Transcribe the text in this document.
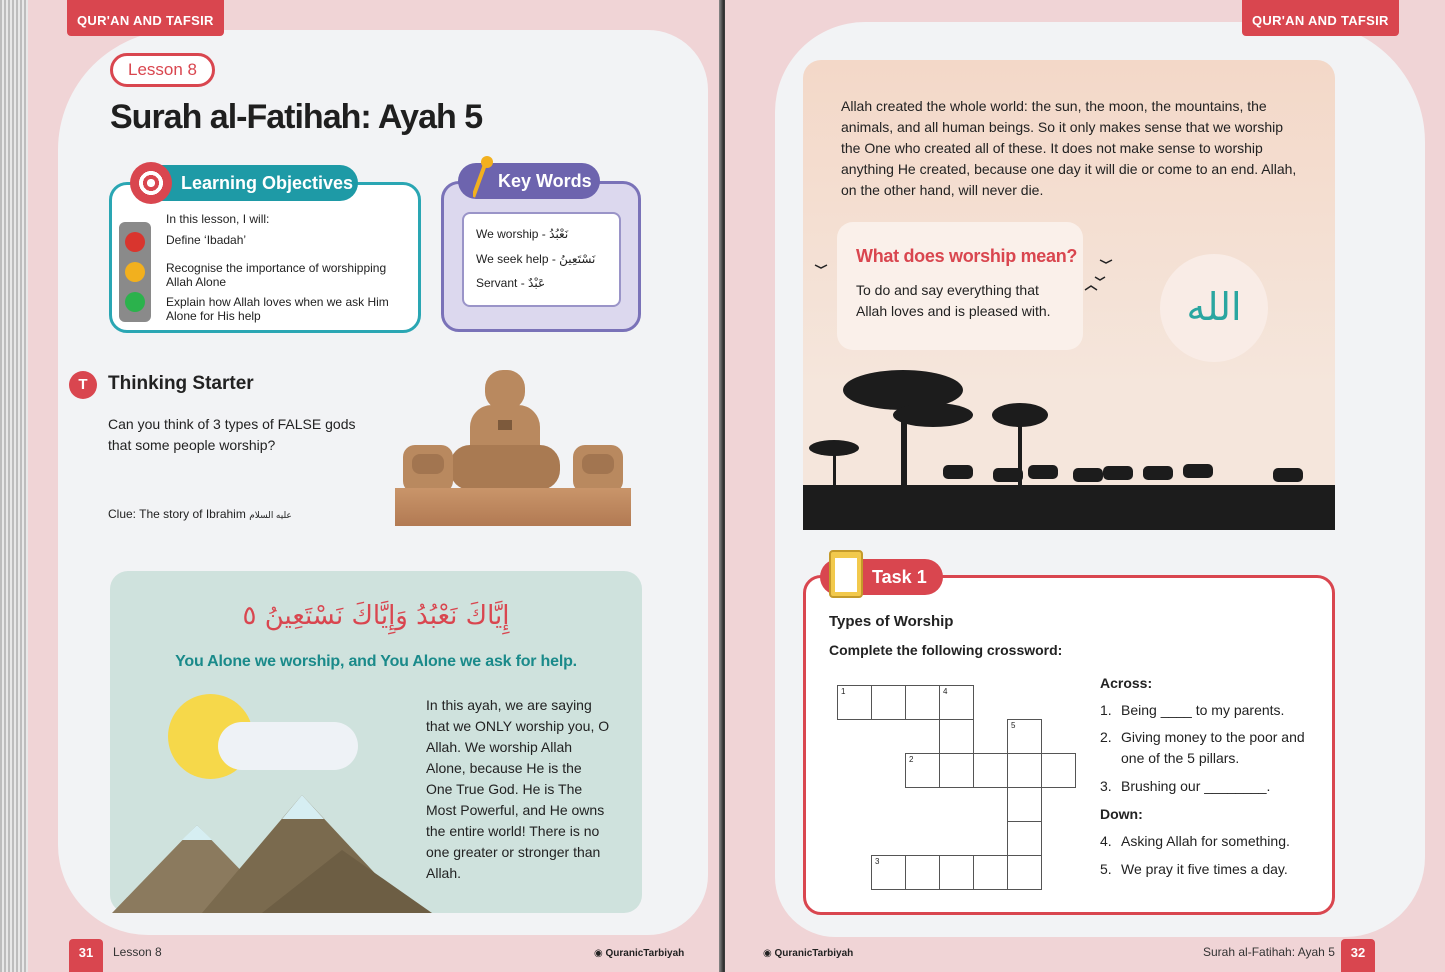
QUR'AN AND TAFSIR
Lesson 8
Surah al-Fatihah: Ayah 5
Learning Objectives
In this lesson, I will:
Define ‘Ibadah’
Recognise the importance of worshipping Allah Alone
Explain how Allah loves when we ask Him Alone for His help
Key Words
We worship - نَعْبُدُ
We seek help - نَسْتَعِينُ
Servant - عَبْدٌ
T	Thinking Starter
Can you think of 3 types of FALSE gods that some people worship?
Clue: The story of Ibrahim عليه السلام
إِيَّاكَ نَعْبُدُ وَإِيَّاكَ نَسْتَعِينُ ٥
You Alone we worship, and You Alone we ask for help.
In this ayah, we are saying that we ONLY worship you, O Allah. We worship Allah Alone, because He is the One True God. He is The Most Powerful, and He owns the entire world! There is no one greater or stronger than Allah.
31	Lesson 8	◉ QuranicTarbiyah
QUR'AN AND TAFSIR
Allah created the whole world: the sun, the moon, the mountains, the animals, and all human beings. So it only makes sense that we worship the One who created all of these. It does not make sense to worship anything He created, because one day it will die or come to an end. Allah, on the other hand, will never die.
What does worship mean?
To do and say everything that Allah loves and is pleased with.	الله
Task 1
Types of Worship
Complete the following crossword:
1	4
5
2
3
Across:
1. Being ____ to my parents.
2. Giving money to the poor and one of the 5 pillars.
3. Brushing our ________.
Down:
4. Asking Allah for something.
5. We pray it five times a day.
◉ QuranicTarbiyah	Surah al-Fatihah: Ayah 5	32
